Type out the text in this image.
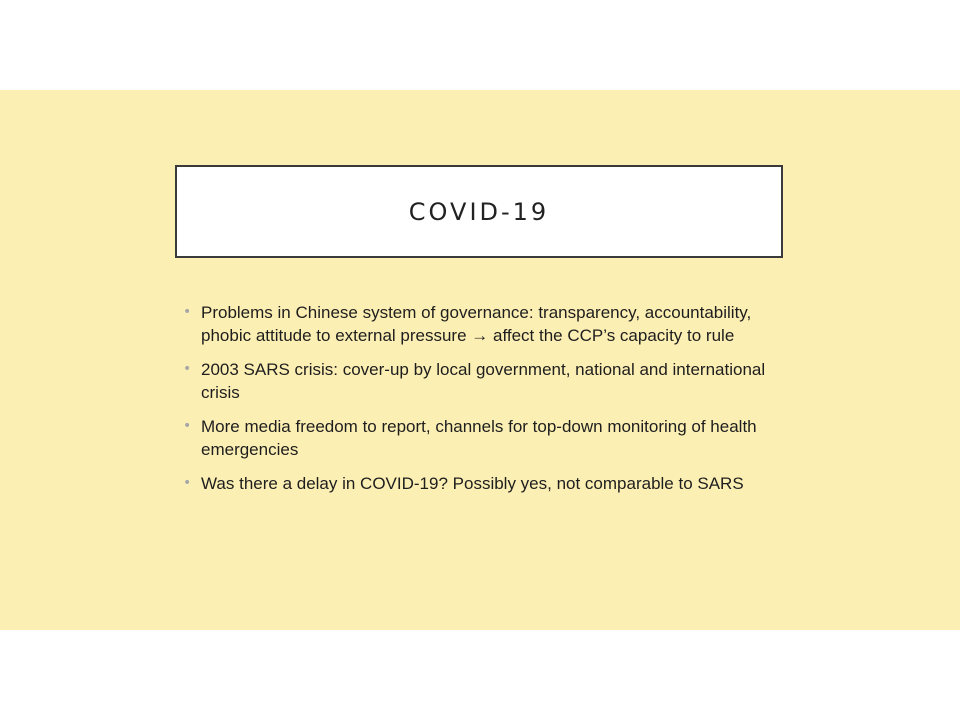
COVID-19
• Problems in Chinese system of governance: transparency, accountability, phobic attitude to external pressure → affect the CCP’s capacity to rule
• 2003 SARS crisis: cover-up by local government, national and international crisis
• More media freedom to report, channels for top-down monitoring of health emergencies
• Was there a delay in COVID-19? Possibly yes, not comparable to SARS
